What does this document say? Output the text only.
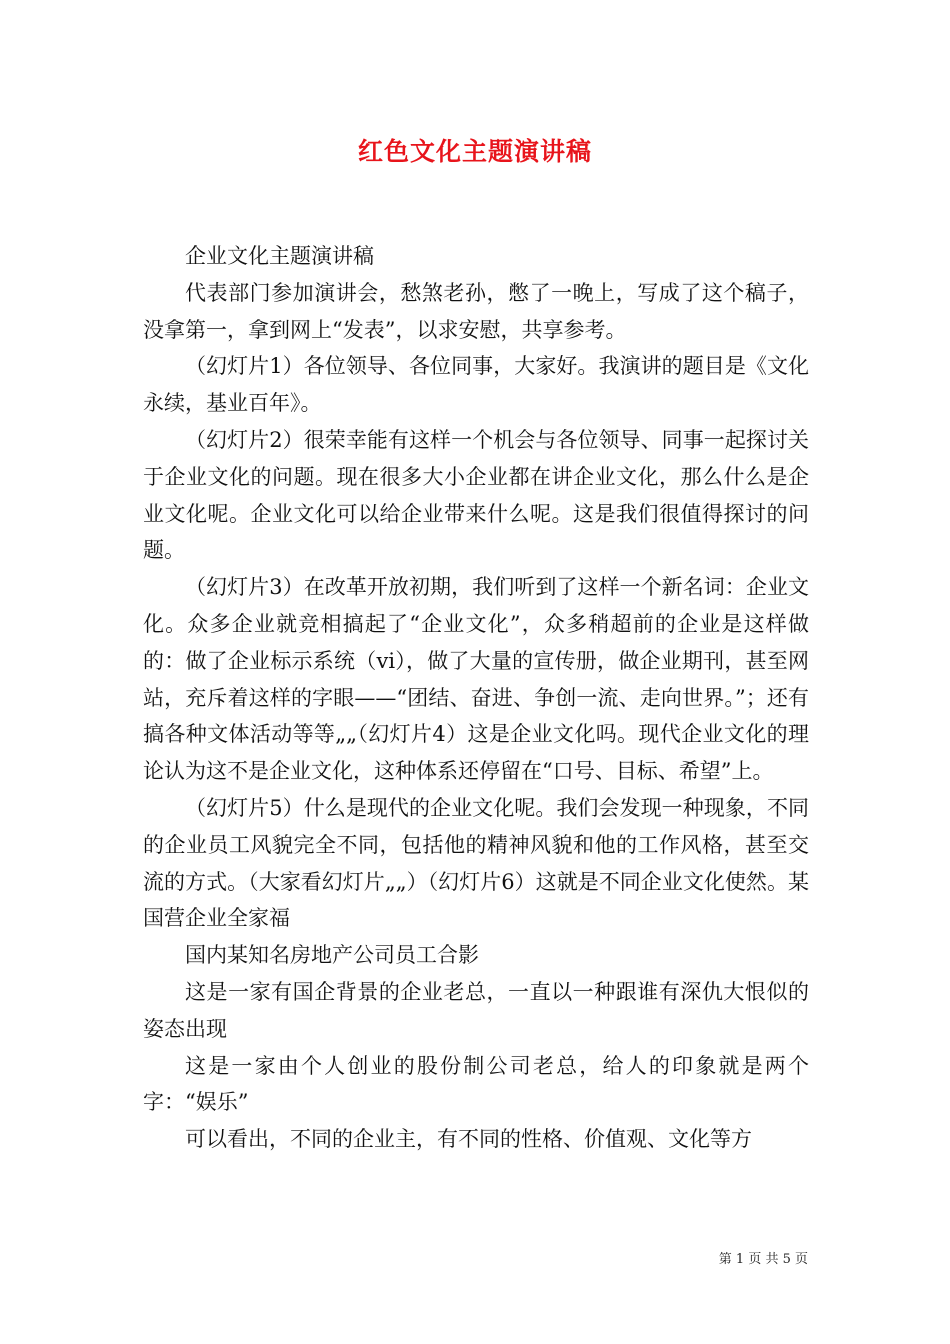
红色文化主题演讲稿

企业文化主题演讲稿

代表部门参加演讲会，愁煞老孙，憋了一晚上，写成了这个稿子，没拿第一，拿到网上“发表”，以求安慰，共享参考。

（幻灯片1）各位领导、各位同事，大家好。我演讲的题目是《文化永续，基业百年》。

（幻灯片2）很荣幸能有这样一个机会与各位领导、同事一起探讨关于企业文化的问题。现在很多大小企业都在讲企业文化，那么什么是企业文化呢。企业文化可以给企业带来什么呢。这是我们很值得探讨的问题。

（幻灯片3）在改革开放初期，我们听到了这样一个新名词：企业文化。众多企业就竞相搞起了“企业文化”，众多稍超前的企业是这样做的：做了企业标示系统（vi），做了大量的宣传册，做企业期刊，甚至网站，充斥着这样的字眼——“团结、奋进、争创一流、走向世界。”；还有搞各种文体活动等等„„（幻灯片4）这是企业文化吗。现代企业文化的理论认为这不是企业文化，这种体系还停留在“口号、目标、希望”上。

（幻灯片5）什么是现代的企业文化呢。我们会发现一种现象，不同的企业员工风貌完全不同，包括他的精神风貌和他的工作风格，甚至交流的方式。（大家看幻灯片„„）（幻灯片6）这就是不同企业文化使然。某国营企业全家福

国内某知名房地产公司员工合影

这是一家有国企背景的企业老总，一直以一种跟谁有深仇大恨似的姿态出现

这是一家由个人创业的股份制公司老总，给人的印象就是两个字：“娱乐”

可以看出，不同的企业主，有不同的性格、价值观、文化等方

第 1 页 共 5 页
